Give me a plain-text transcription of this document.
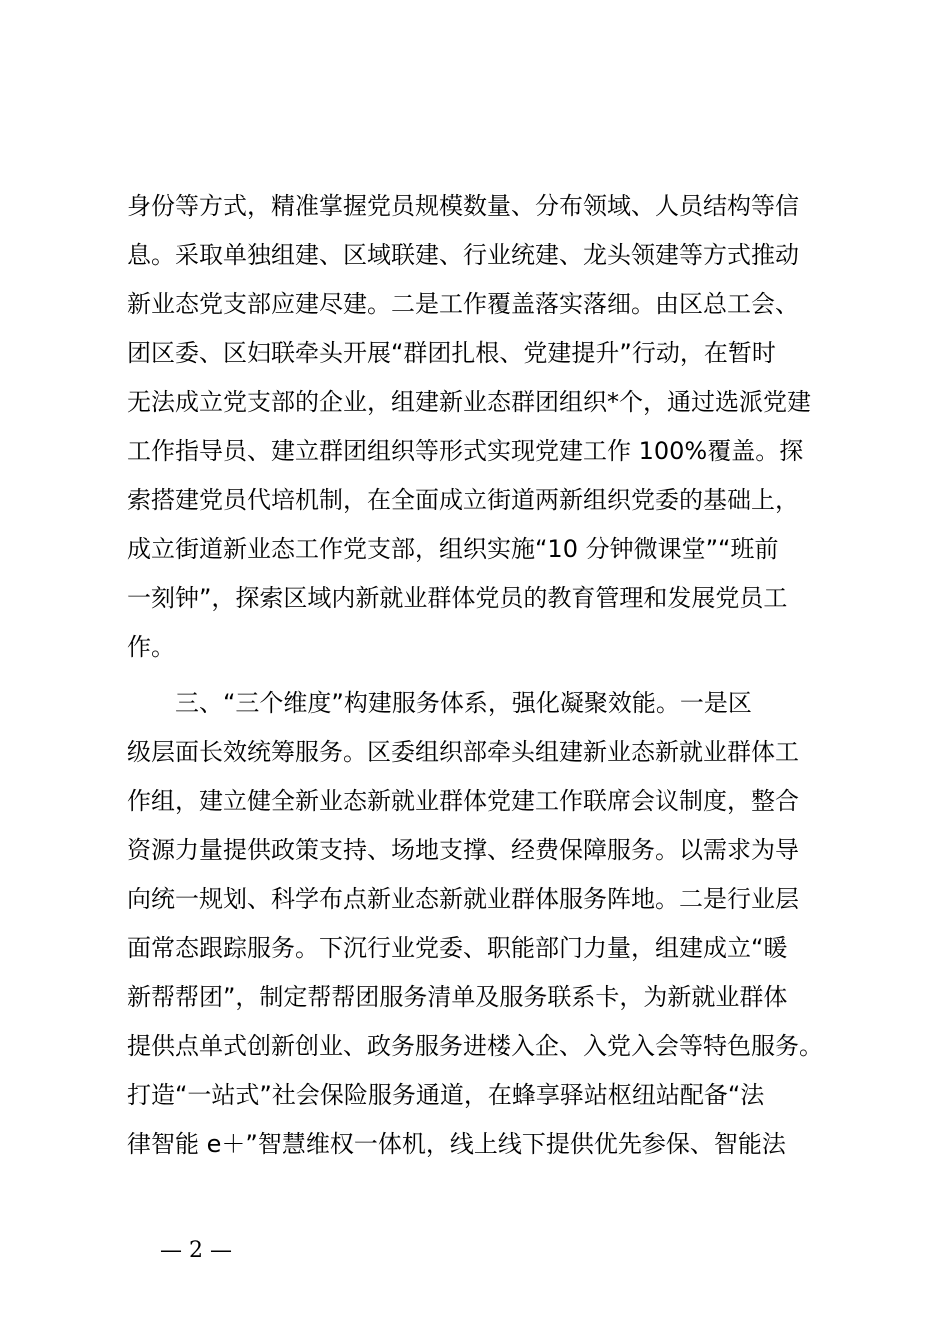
身份等方式，精准掌握党员规模数量、分布领域、人员结构等信
息。采取单独组建、区域联建、行业统建、龙头领建等方式推动
新业态党支部应建尽建。二是工作覆盖落实落细。由区总工会、
团区委、区妇联牵头开展“群团扎根、党建提升”行动，在暂时
无法成立党支部的企业，组建新业态群团组织*个，通过选派党建
工作指导员、建立群团组织等形式实现党建工作 100%覆盖。探
索搭建党员代培机制，在全面成立街道两新组织党委的基础上，
成立街道新业态工作党支部，组织实施“10 分钟微课堂”“班前
一刻钟”，探索区域内新就业群体党员的教育管理和发展党员工
作。
三、“三个维度”构建服务体系，强化凝聚效能。一是区
级层面长效统筹服务。区委组织部牵头组建新业态新就业群体工
作组，建立健全新业态新就业群体党建工作联席会议制度，整合
资源力量提供政策支持、场地支撑、经费保障服务。以需求为导
向统一规划、科学布点新业态新就业群体服务阵地。二是行业层
面常态跟踪服务。下沉行业党委、职能部门力量，组建成立“暖
新帮帮团”，制定帮帮团服务清单及服务联系卡，为新就业群体
提供点单式创新创业、政务服务进楼入企、入党入会等特色服务。
打造“一站式”社会保险服务通道，在蜂享驿站枢纽站配备“法
律智能 e＋”智慧维权一体机，线上线下提供优先参保、智能法
— 2 —
